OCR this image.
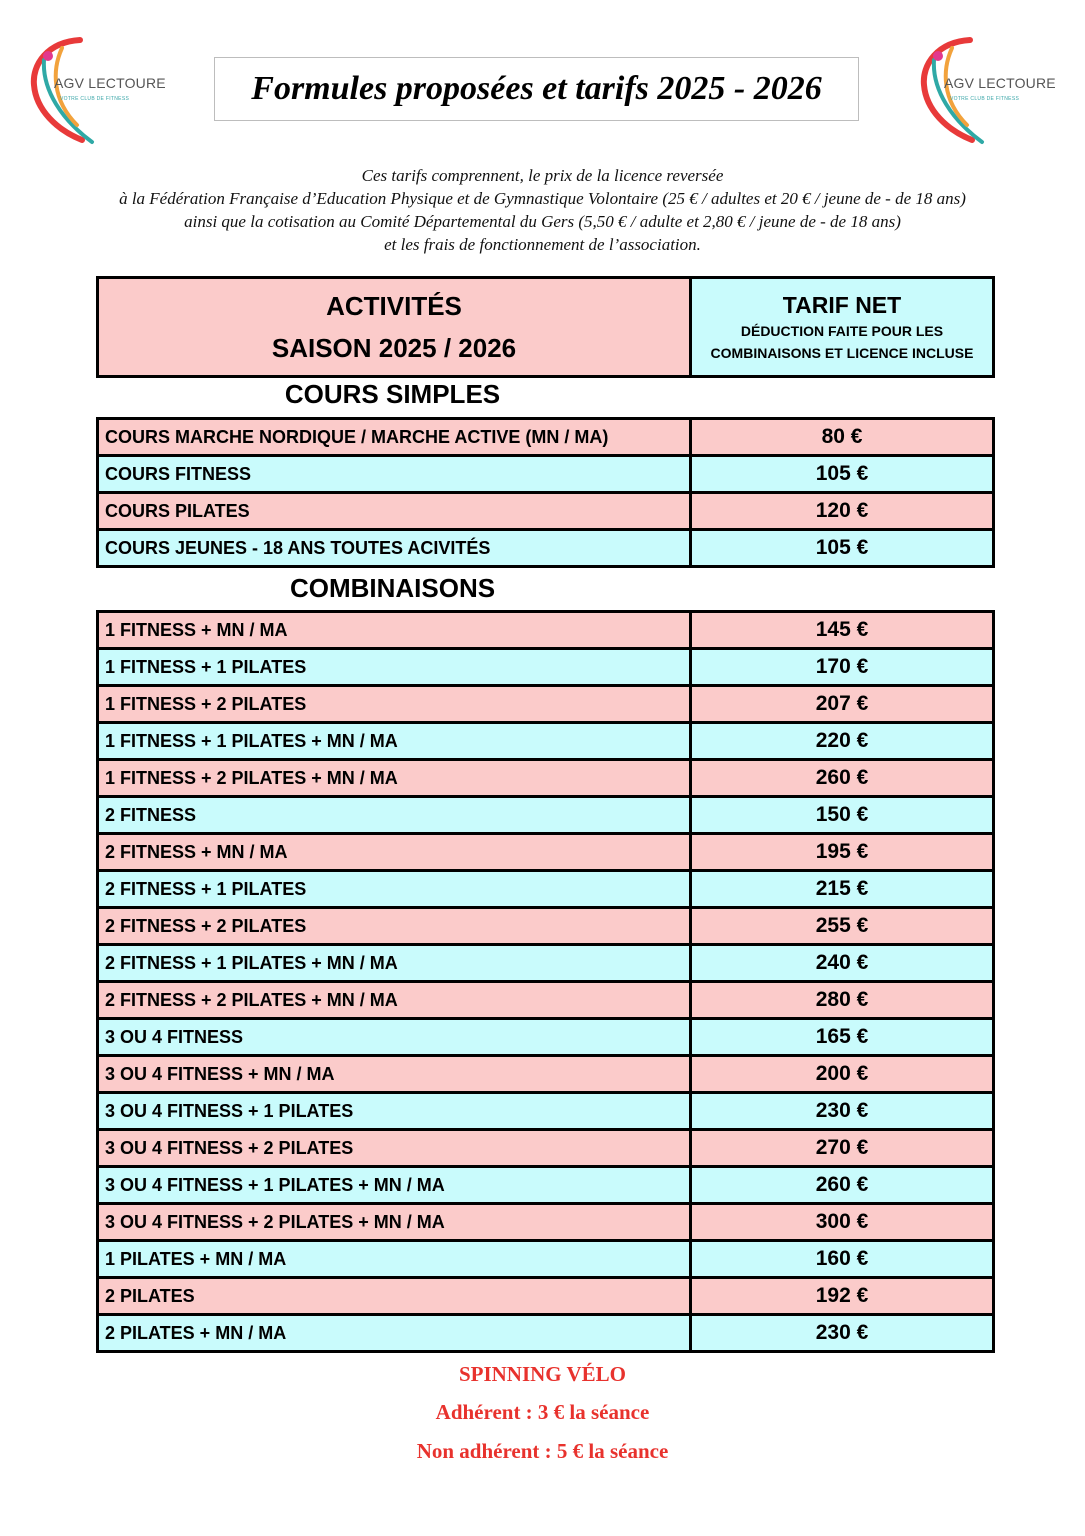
AGV LECTOURE
VOTRE CLUB DE FITNESS
AGV LECTOURE
VOTRE CLUB DE FITNESS
Formules proposées et tarifs 2025 - 2026
Ces tarifs comprennent, le prix de la licence reversée
à la Fédération Française d’Education Physique et de Gymnastique Volontaire (25 € / adultes et 20 € / jeune de - de 18 ans)
ainsi que la cotisation au Comité Départemental du Gers (5,50 € / adulte et 2,80 € / jeune de - de 18 ans)
et les frais de fonctionnement de l’association.
ACTIVITÉS
SAISON 2025 / 2026

TARIF NET
DÉDUCTION FAITE POUR LES
COMBINAISONS ET LICENCE INCLUSE
COURS SIMPLES
COURS MARCHE NORDIQUE / MARCHE ACTIVE (MN / MA)	80 €
COURS FITNESS	105 €
COURS PILATES	120 €
COURS JEUNES - 18 ANS TOUTES ACIVITÉS	105 €
COMBINAISONS
1 FITNESS + MN / MA	145 €
1 FITNESS + 1 PILATES	170 €
1 FITNESS + 2 PILATES	207 €
1 FITNESS + 1 PILATES + MN / MA	220 €
1 FITNESS + 2 PILATES + MN / MA	260 €
2 FITNESS	150 €
2 FITNESS + MN / MA	195 €
2 FITNESS + 1 PILATES	215 €
2 FITNESS + 2 PILATES	255 €
2 FITNESS + 1 PILATES + MN / MA	240 €
2 FITNESS + 2 PILATES + MN / MA	280 €
3 OU 4 FITNESS	165 €
3 OU 4 FITNESS + MN / MA	200 €
3 OU 4 FITNESS + 1 PILATES	230 €
3 OU 4 FITNESS + 2 PILATES	270 €
3 OU 4 FITNESS + 1 PILATES + MN / MA	260 €
3 OU 4 FITNESS + 2 PILATES + MN / MA	300 €
1 PILATES + MN / MA	160 €
2 PILATES	192 €
2 PILATES + MN / MA	230 €
SPINNING VÉLO
Adhérent : 3 € la séance
Non adhérent : 5 € la séance
